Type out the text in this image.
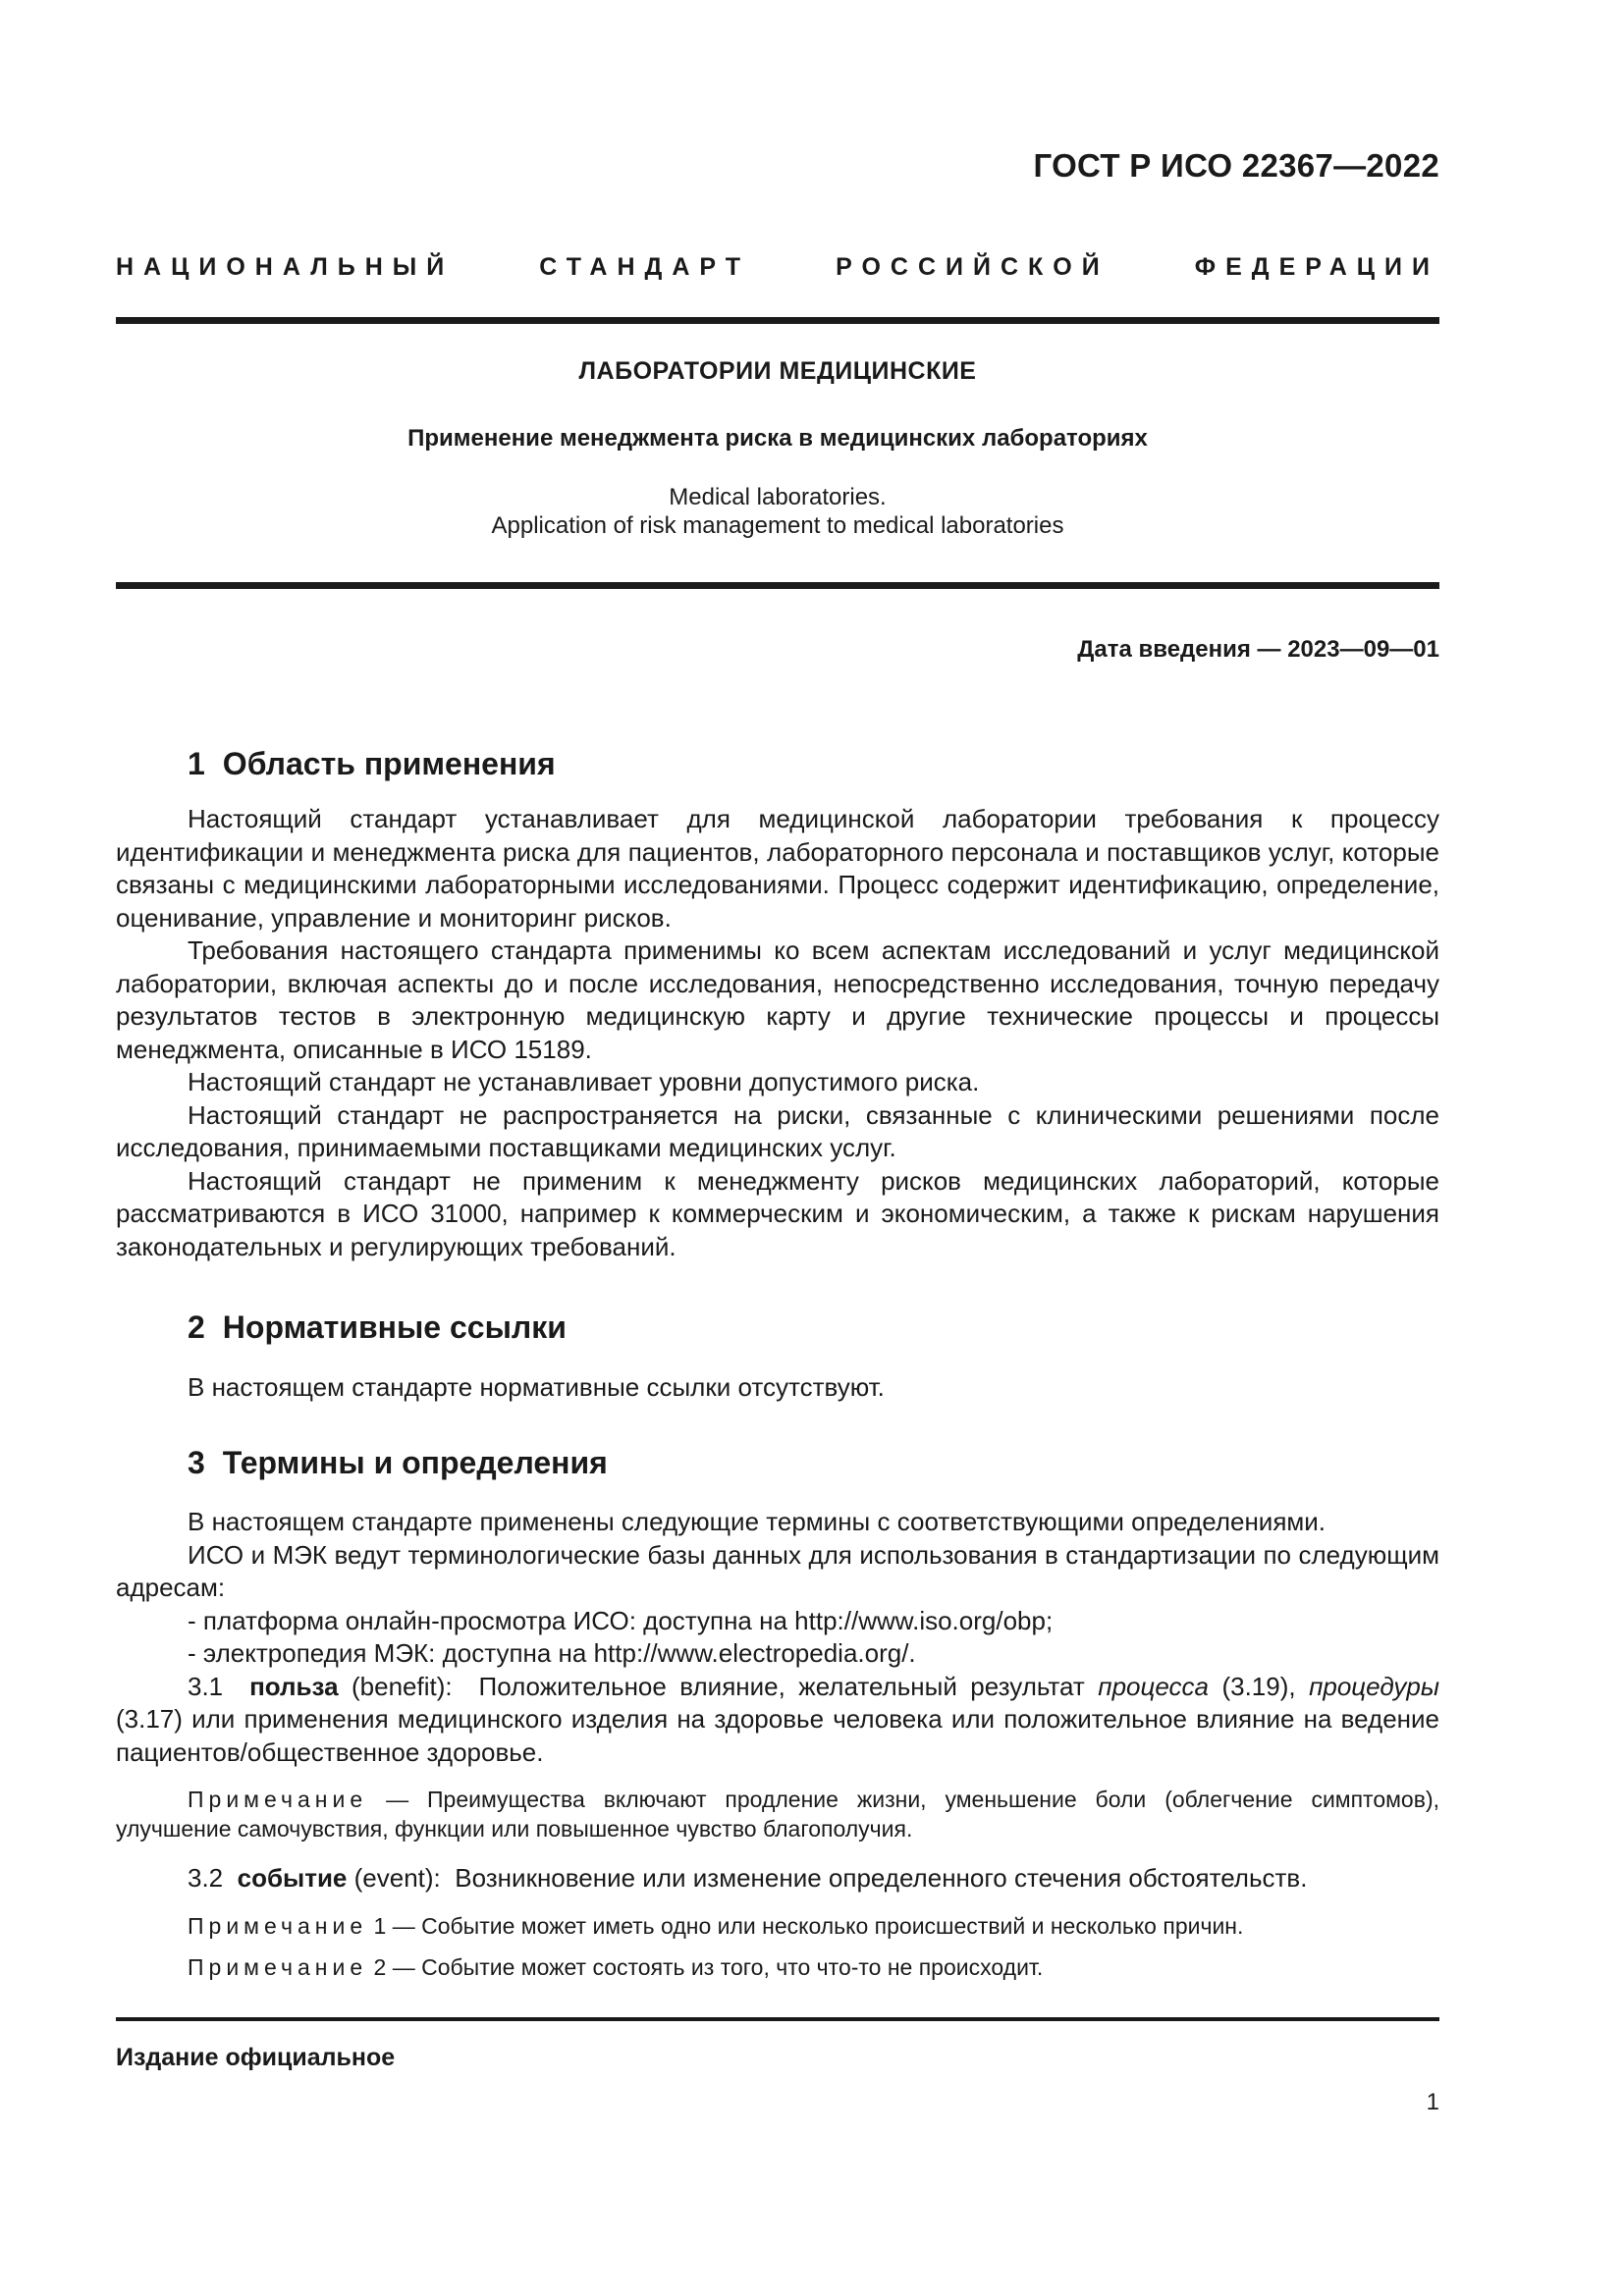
ГОСТ Р ИСО 22367—2022
НАЦИОНАЛЬНЫЙ СТАНДАРТ РОССИЙСКОЙ ФЕДЕРАЦИИ
ЛАБОРАТОРИИ МЕДИЦИНСКИЕ
Применение менеджмента риска в медицинских лабораториях
Medical laboratories.
Application of risk management to medical laboratories
Дата введения — 2023—09—01
1 Область применения

Настоящий стандарт устанавливает для медицинской лаборатории требования к процессу идентификации и менеджмента риска для пациентов, лабораторного персонала и поставщиков услуг, которые связаны с медицинскими лабораторными исследованиями. Процесс содержит идентификацию, определение, оценивание, управление и мониторинг рисков.

Требования настоящего стандарта применимы ко всем аспектам исследований и услуг медицинской лаборатории, включая аспекты до и после исследования, непосредственно исследования, точную передачу результатов тестов в электронную медицинскую карту и другие технические процессы и процессы менеджмента, описанные в ИСО 15189.

Настоящий стандарт не устанавливает уровни допустимого риска.

Настоящий стандарт не распространяется на риски, связанные с клиническими решениями после исследования, принимаемыми поставщиками медицинских услуг.

Настоящий стандарт не применим к менеджменту рисков медицинских лабораторий, которые рассматриваются в ИСО 31000, например к коммерческим и экономическим, а также к рискам нарушения законодательных и регулирующих требований.

2 Нормативные ссылки

В настоящем стандарте нормативные ссылки отсутствуют.

3 Термины и определения

В настоящем стандарте применены следующие термины с соответствующими определениями.

ИСО и МЭК ведут терминологические базы данных для использования в стандартизации по следующим адресам:

- платформа онлайн-просмотра ИСО: доступна на http://www.iso.org/obp;

- электропедия МЭК: доступна на http://www.electropedia.org/.

3.1 польза (benefit): Положительное влияние, желательный результат процесса (3.19), процедуры (3.17) или применения медицинского изделия на здоровье человека или положительное влияние на ведение пациентов/общественное здоровье.

Примечание — Преимущества включают продление жизни, уменьшение боли (облегчение симптомов), улучшение самочувствия, функции или повышенное чувство благополучия.

3.2 событие (event): Возникновение или изменение определенного стечения обстоятельств.

Примечание 1 — Событие может иметь одно или несколько происшествий и несколько причин.

Примечание 2 — Событие может состоять из того, что что-то не происходит.

Издание официальное
1
